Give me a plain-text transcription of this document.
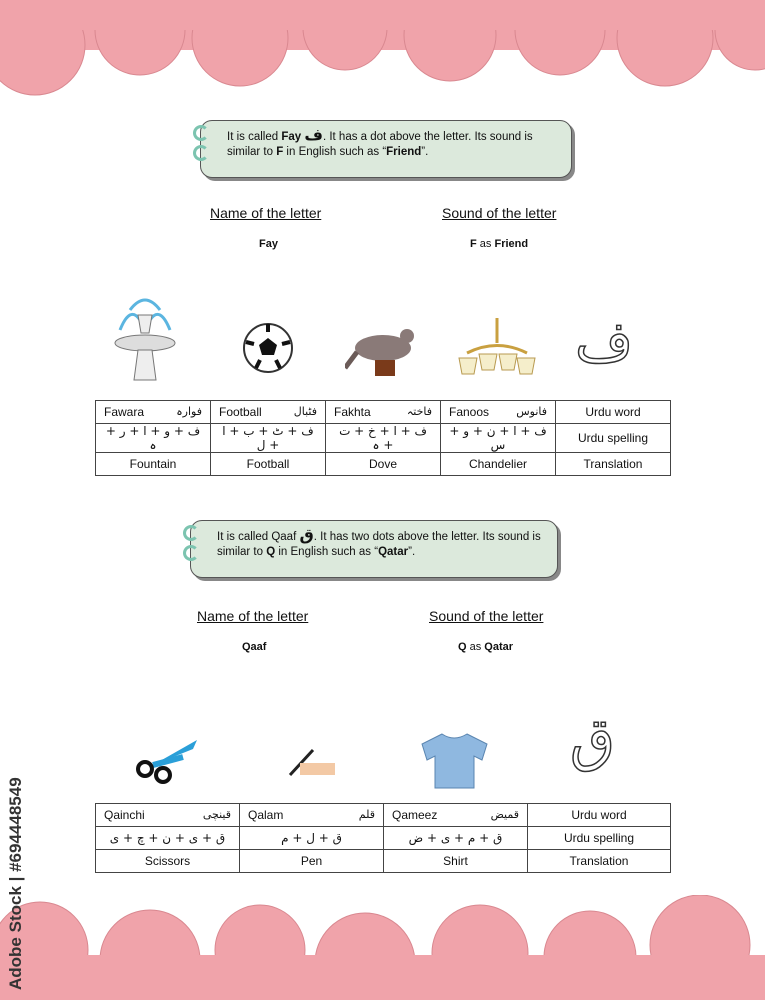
It is called Fay ف. It has a dot above the letter. Its sound is similar to F in English such as “Friend”.
Name of the letter	Sound of the letter
Fay	F as Friend
ف
Fawara فوارہ	Football فٹبال	Fakhta فاختہ	Fanoos فانوس	Urdu word
ف + و + ا + ر + ہ	ف + ٹ + ب + ا + ل	ف + ا + خ + ت + ہ	ف + ا + ن + و + س	Urdu spelling
Fountain	Football	Dove	Chandelier	Translation
It is called Qaaf ق. It has two dots above the letter. Its sound is similar to Q in English such as “Qatar”.
Name of the letter	Sound of the letter
Qaaf	Q as Qatar
ق
Qainchi قینچی	Qalam قلم	Qameez قمیض	Urdu word
ق + ی + ن + چ + ی	ق + ل + م	ق + م + ی + ض	Urdu spelling
Scissors	Pen	Shirt	Translation
Adobe Stock | #694448549
